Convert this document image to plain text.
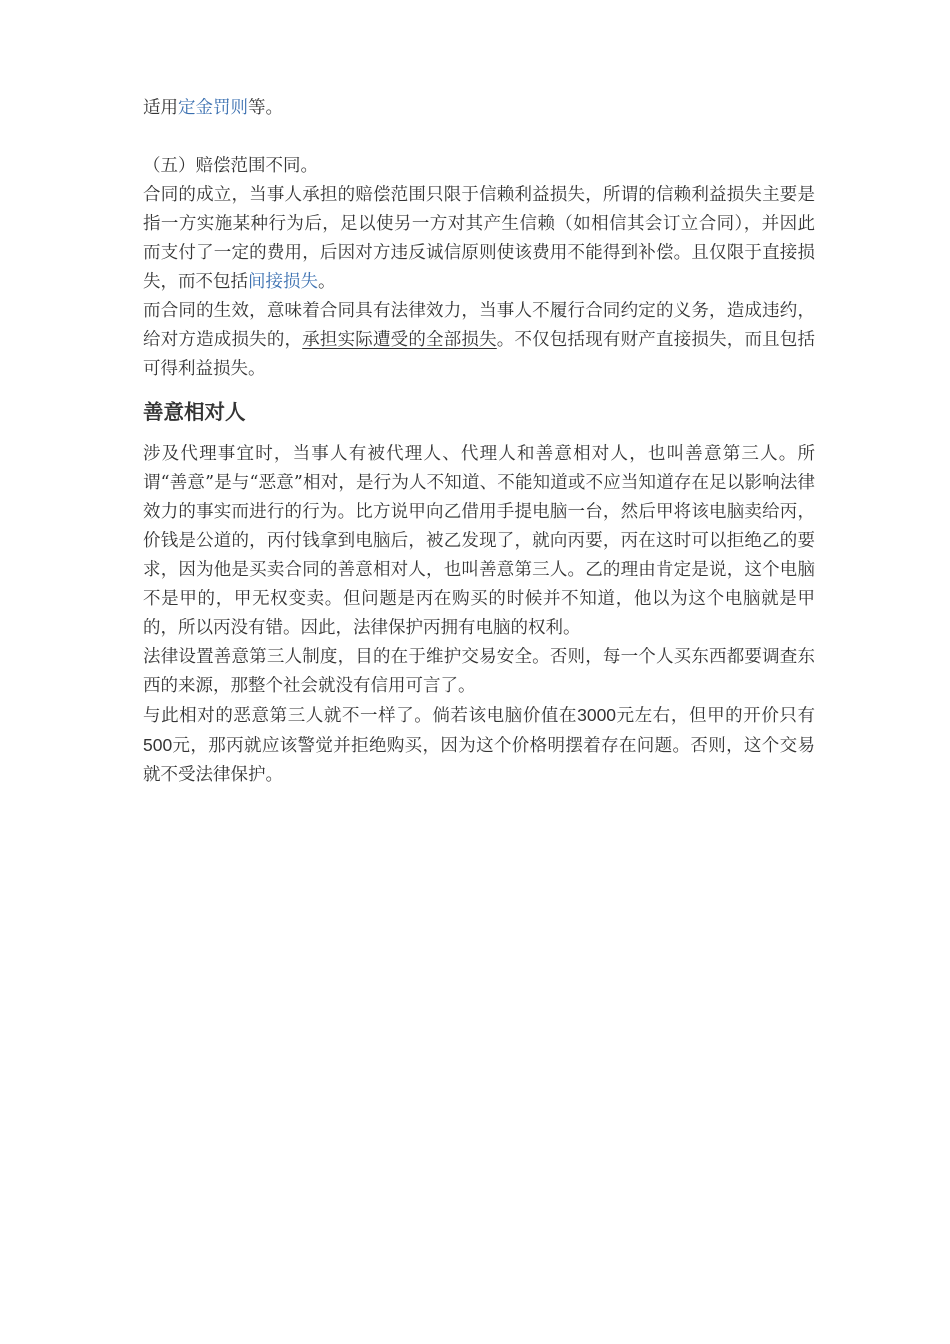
适用定金罚则等。

（五）赔偿范围不同。

合同的成立，当事人承担的赔偿范围只限于信赖利益损失，所谓的信赖利益损失主要是指一方实施某种行为后，足以使另一方对其产生信赖（如相信其会订立合同），并因此而支付了一定的费用，后因对方违反诚信原则使该费用不能得到补偿。且仅限于直接损失，而不包括间接损失。

而合同的生效，意味着合同具有法律效力，当事人不履行合同约定的义务，造成违约，给对方造成损失的，承担实际遭受的全部损失。不仅包括现有财产直接损失，而且包括可得利益损失。

善意相对人

涉及代理事宜时，当事人有被代理人、代理人和善意相对人，也叫善意第三人。所谓“善意”是与“恶意”相对，是行为人不知道、不能知道或不应当知道存在足以影响法律效力的事实而进行的行为。比方说甲向乙借用手提电脑一台，然后甲将该电脑卖给丙，价钱是公道的，丙付钱拿到电脑后，被乙发现了，就向丙要，丙在这时可以拒绝乙的要求，因为他是买卖合同的善意相对人，也叫善意第三人。乙的理由肯定是说，这个电脑不是甲的，甲无权变卖。但问题是丙在购买的时候并不知道，他以为这个电脑就是甲的，所以丙没有错。因此，法律保护丙拥有电脑的权利。

法律设置善意第三人制度，目的在于维护交易安全。否则，每一个人买东西都要调查东西的来源，那整个社会就没有信用可言了。

与此相对的恶意第三人就不一样了。倘若该电脑价值在3000元左右，但甲的开价只有500元，那丙就应该警觉并拒绝购买，因为这个价格明摆着存在问题。否则，这个交易就不受法律保护。
